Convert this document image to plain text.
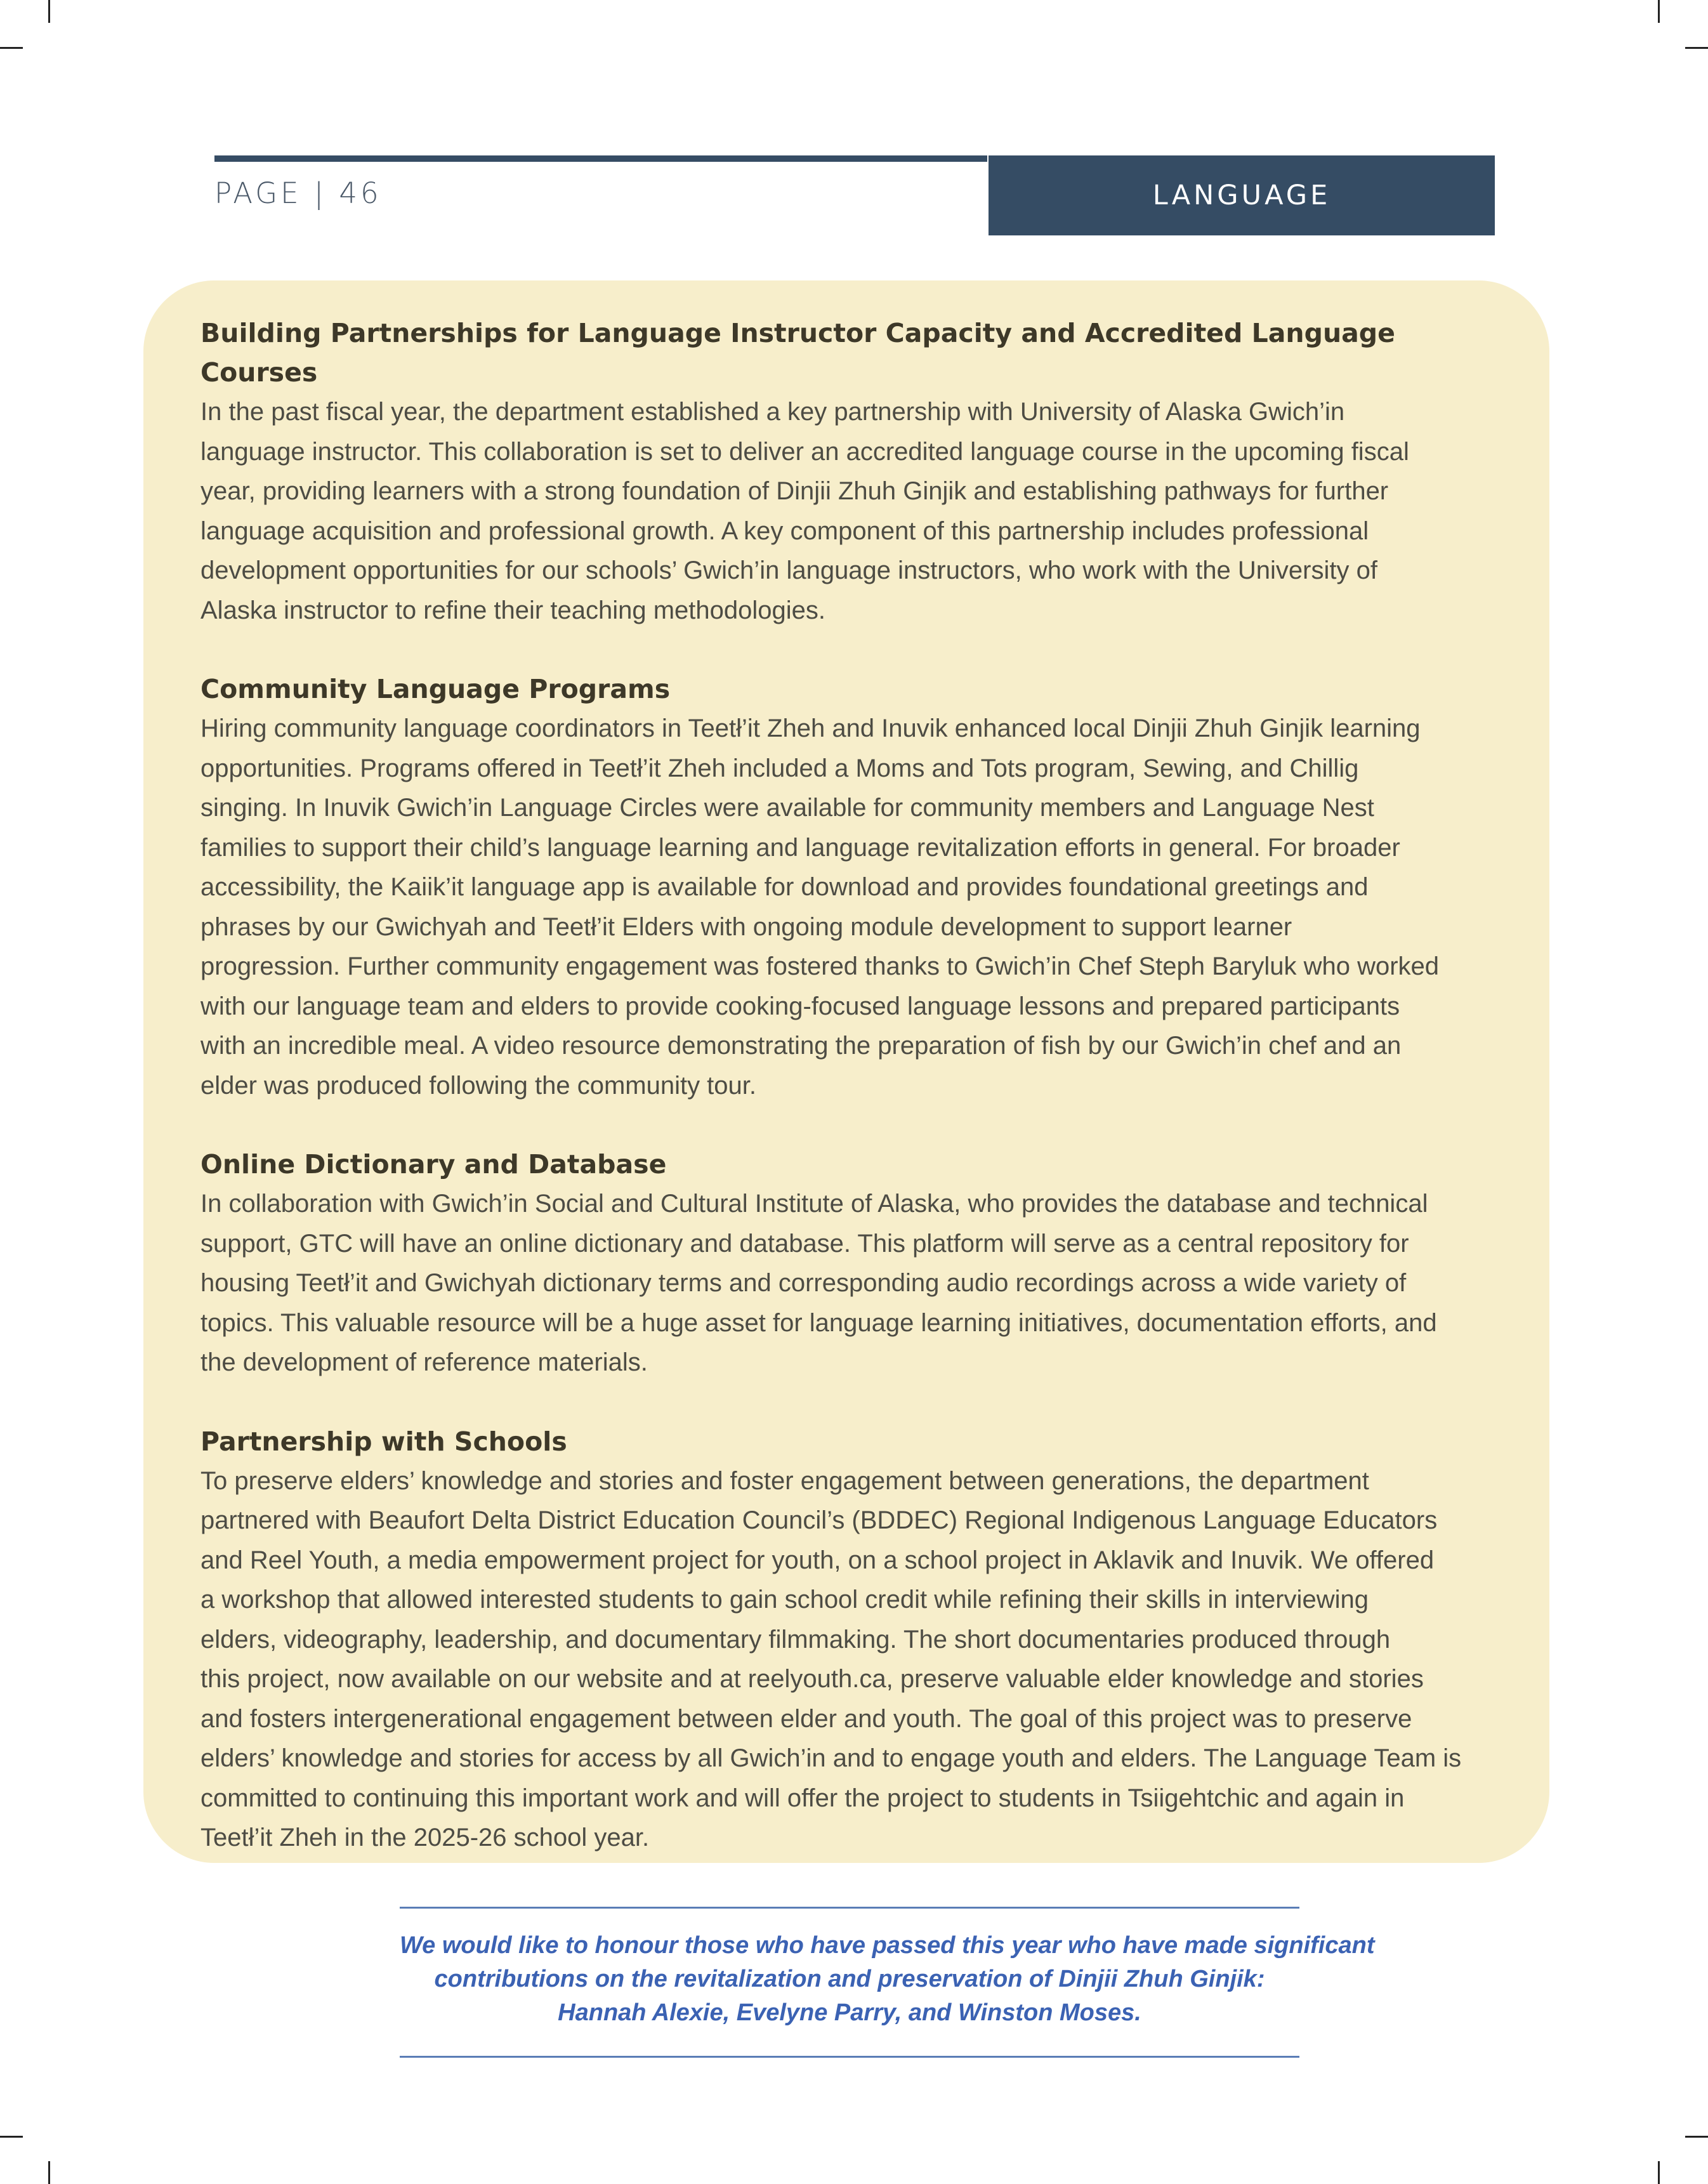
PAGE | 46	LANGUAGE
Building Partnerships for Language Instructor Capacity and Accredited Language Courses

In the past fiscal year, the department established a key partnership with University of Alaska Gwich’in
language instructor. This collaboration is set to deliver an accredited language course in the upcoming fiscal
year, providing learners with a strong foundation of Dinjii Zhuh Ginjik and establishing pathways for further
language acquisition and professional growth. A key component of this partnership includes professional
development opportunities for our schools’ Gwich’in language instructors, who work with the University of
Alaska instructor to refine their teaching methodologies.

Community Language Programs

Hiring community language coordinators in Teetł’it Zheh and Inuvik enhanced local Dinjii Zhuh Ginjik learning
opportunities. Programs offered in Teetł’it Zheh included a Moms and Tots program, Sewing, and Chillig
singing. In Inuvik Gwich’in Language Circles were available for community members and Language Nest
families to support their child’s language learning and language revitalization efforts in general. For broader
accessibility, the Kaiik’it language app is available for download and provides foundational greetings and
phrases by our Gwichyah and Teetł’it Elders with ongoing module development to support learner
progression. Further community engagement was fostered thanks to Gwich’in Chef Steph Baryluk who worked
with our language team and elders to provide cooking-focused language lessons and prepared participants
with an incredible meal. A video resource demonstrating the preparation of fish by our Gwich’in chef and an
elder was produced following the community tour.

Online Dictionary and Database

In collaboration with Gwich’in Social and Cultural Institute of Alaska, who provides the database and technical
support, GTC will have an online dictionary and database. This platform will serve as a central repository for
housing Teetł’it and Gwichyah dictionary terms and corresponding audio recordings across a wide variety of
topics. This valuable resource will be a huge asset for language learning initiatives, documentation efforts, and
the development of reference materials.

Partnership with Schools

To preserve elders’ knowledge and stories and foster engagement between generations, the department
partnered with Beaufort Delta District Education Council’s (BDDEC) Regional Indigenous Language Educators
and Reel Youth, a media empowerment project for youth, on a school project in Aklavik and Inuvik. We offered
a workshop that allowed interested students to gain school credit while refining their skills in interviewing
elders, videography, leadership, and documentary filmmaking. The short documentaries produced through
this project, now available on our website and at reelyouth.ca, preserve valuable elder knowledge and stories
and fosters intergenerational engagement between elder and youth. The goal of this project was to preserve
elders’ knowledge and stories for access by all Gwich’in and to engage youth and elders. The Language Team is
committed to continuing this important work and will offer the project to students in Tsiigehtchic and again in
Teetł’it Zheh in the 2025-26 school year.

We would like to honour those who have passed this year who have made significant
contributions on the revitalization and preservation of Dinjii Zhuh Ginjik:
Hannah Alexie, Evelyne Parry, and Winston Moses.
